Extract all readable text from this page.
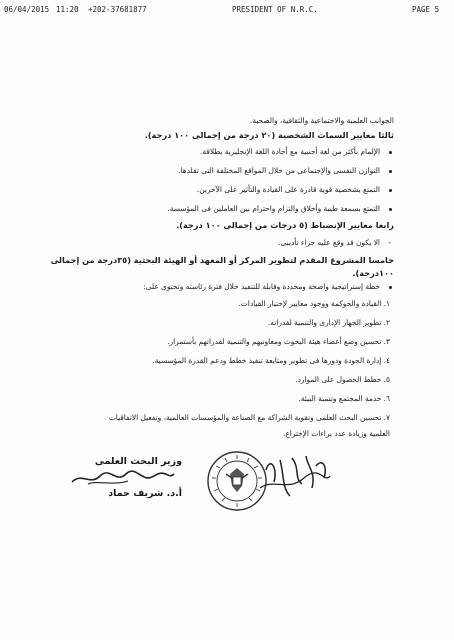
06/04/2015 11:20 +202-37681877	PRESIDENT OF N.R.C.	PAGE 5
الجوانب العلمية والاجتماعية والثقافية، والصحية.
ثالثا معايير السمات الشخصية (٢٠ درجة من إجمالى ١٠٠ درجة).
الإلمام بأكثر من لغة أجنبية مع أجادة اللغة الإنجليزية بطلاقة.
التوازن النفسى والإجتماعى من خلال المواقع المختلفة التى تقلدها.
التمتع بشخصية قوية قادرة على القيادة والتأثير على الآخرين.
التمتع بسمعة طيبة وأخلاق والتزام واحترام بين العاملين فى المؤسسة.
رابعا معايير الإنضباط (٥ درجات من إجمالى ١٠٠ درجة).
- الا يكون قد وقع عليه جزاء تأديبى.
خامسا المشروع المقدم لتطوير المركز أو المعهد أو الهيئة البحثية (٣٥درجة من إجمالى
١٠٠درجة).
خطة إستراتيجية واضحة ومحددة وقابلة للتنفيذ خلال فترة رئاسته وتحتوى على:
١. القيادة والحوكمة ووجود معايير لإختيار القيادات.
٢. تطوير الجهاز الإدارى والتنمية لقدراته.
٣. تحسين وضع أعضاء هيئة البحوث ومعاونيهم والتنمية لقدراتهم بأستمرار.
٤. إدارة الجودة ودورها فى تطوير ومتابعة تنفيذ خطط ودعم القدرة المؤسسية.
٥. خطط الحصول على الموارد.
٦. خدمة المجتمع وتنمية البيئة.
٧. تحسين البحث العلمى وتقوية الشراكة مع الصناعة والمؤسسات العالمية، وتفعيل الاتفاقيات
العلمية وزيادة عدد براءات الإختراع.
وزير البحث العلمى
أ.د. شريف حماد
